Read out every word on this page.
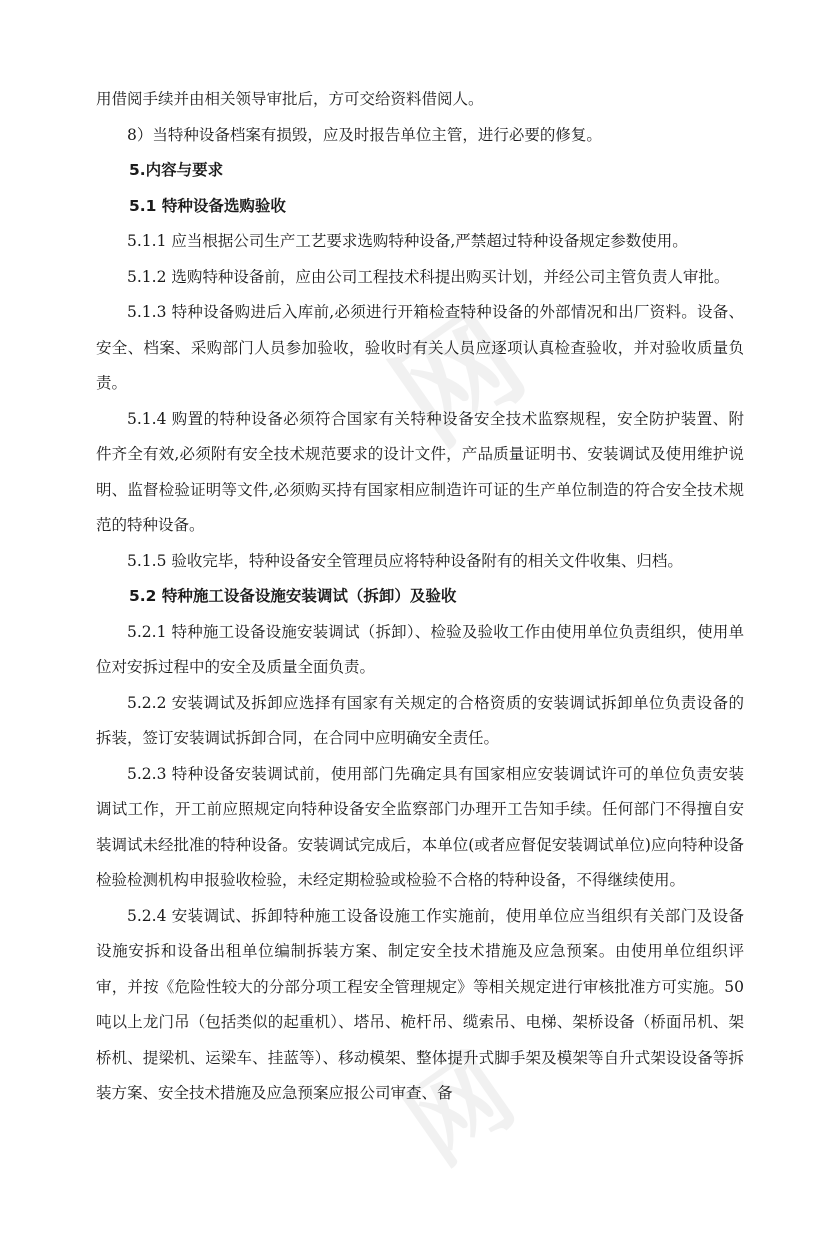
网
网

用借阅手续并由相关领导审批后，方可交给资料借阅人。

8）当特种设备档案有损毁，应及时报告单位主管，进行必要的修复。

5.内容与要求

5.1 特种设备选购验收

5.1.1 应当根据公司生产工艺要求选购特种设备,严禁超过特种设备规定参数使用。

5.1.2 选购特种设备前，应由公司工程技术科提出购买计划，并经公司主管负责人审批。

5.1.3 特种设备购进后入库前,必须进行开箱检查特种设备的外部情况和出厂资料。设备、安全、档案、采购部门人员参加验收，验收时有关人员应逐项认真检查验收，并对验收质量负责。

5.1.4 购置的特种设备必须符合国家有关特种设备安全技术监察规程，安全防护装置、附件齐全有效,必须附有安全技术规范要求的设计文件，产品质量证明书、安装调试及使用维护说明、监督检验证明等文件,必须购买持有国家相应制造许可证的生产单位制造的符合安全技术规范的特种设备。

5.1.5 验收完毕，特种设备安全管理员应将特种设备附有的相关文件收集、归档。

5.2 特种施工设备设施安装调试（拆卸）及验收

5.2.1 特种施工设备设施安装调试（拆卸）、检验及验收工作由使用单位负责组织，使用单位对安拆过程中的安全及质量全面负责。

5.2.2 安装调试及拆卸应选择有国家有关规定的合格资质的安装调试拆卸单位负责设备的拆装，签订安装调试拆卸合同，在合同中应明确安全责任。

5.2.3 特种设备安装调试前，使用部门先确定具有国家相应安装调试许可的单位负责安装调试工作，开工前应照规定向特种设备安全监察部门办理开工告知手续。任何部门不得擅自安装调试未经批准的特种设备。安装调试完成后，本单位(或者应督促安装调试单位)应向特种设备检验检测机构申报验收检验，未经定期检验或检验不合格的特种设备，不得继续使用。

5.2.4 安装调试、拆卸特种施工设备设施工作实施前，使用单位应当组织有关部门及设备设施安拆和设备出租单位编制拆装方案、制定安全技术措施及应急预案。由使用单位组织评审，并按《危险性较大的分部分项工程安全管理规定》等相关规定进行审核批准方可实施。50 吨以上龙门吊（包括类似的起重机）、塔吊、桅杆吊、缆索吊、电梯、架桥设备（桥面吊机、架桥机、提梁机、运梁车、挂蓝等）、移动模架、整体提升式脚手架及模架等自升式架设设备等拆装方案、安全技术措施及应急预案应报公司审查、备
